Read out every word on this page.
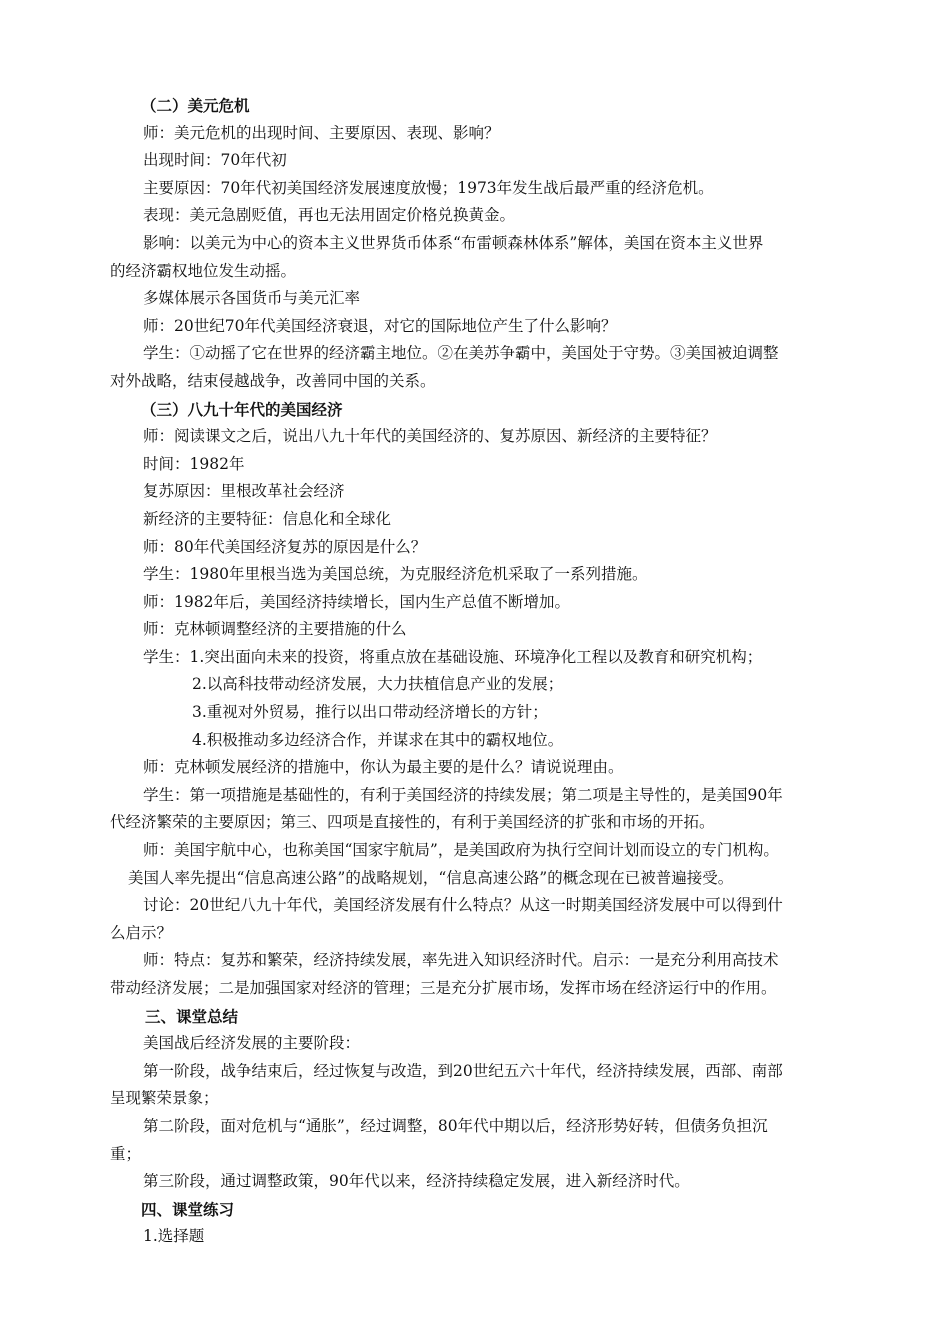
（二）美元危机

师：美元危机的出现时间、主要原因、表现、影响？

出现时间：70年代初

主要原因：70年代初美国经济发展速度放慢；1973年发生战后最严重的经济危机。

表现：美元急剧贬值，再也无法用固定价格兑换黄金。

影响：以美元为中心的资本主义世界货币体系“布雷顿森林体系”解体，美国在资本主义世界

的经济霸权地位发生动摇。

多媒体展示各国货币与美元汇率

师：20世纪70年代美国经济衰退，对它的国际地位产生了什么影响？

学生：①动摇了它在世界的经济霸主地位。②在美苏争霸中，美国处于守势。③美国被迫调整

对外战略，结束侵越战争，改善同中国的关系。

（三）八九十年代的美国经济

师：阅读课文之后，说出八九十年代的美国经济的、复苏原因、新经济的主要特征？

时间：1982年

复苏原因：里根改革社会经济

新经济的主要特征：信息化和全球化

师：80年代美国经济复苏的原因是什么？

学生：1980年里根当选为美国总统，为克服经济危机采取了一系列措施。

师：1982年后，美国经济持续增长，国内生产总值不断增加。

师：克林顿调整经济的主要措施的什么

学生：1.突出面向未来的投资，将重点放在基础设施、环境净化工程以及教育和研究机构；

2.以高科技带动经济发展，大力扶植信息产业的发展；

3.重视对外贸易，推行以出口带动经济增长的方针；

4.积极推动多边经济合作，并谋求在其中的霸权地位。

师：克林顿发展经济的措施中，你认为最主要的是什么？请说说理由。

学生：第一项措施是基础性的，有利于美国经济的持续发展；第二项是主导性的，是美国90年

代经济繁荣的主要原因；第三、四项是直接性的，有利于美国经济的扩张和市场的开拓。

师：美国宇航中心，也称美国“国家宇航局”，是美国政府为执行空间计划而设立的专门机构。

美国人率先提出“信息高速公路”的战略规划，“信息高速公路”的概念现在已被普遍接受。

讨论：20世纪八九十年代，美国经济发展有什么特点？从这一时期美国经济发展中可以得到什

么启示？

师：特点：复苏和繁荣，经济持续发展，率先进入知识经济时代。启示：一是充分利用高技术

带动经济发展；二是加强国家对经济的管理；三是充分扩展市场，发挥市场在经济运行中的作用。

三、课堂总结

美国战后经济发展的主要阶段：

第一阶段，战争结束后，经过恢复与改造，到20世纪五六十年代，经济持续发展，西部、南部

呈现繁荣景象；

第二阶段，面对危机与“通胀”，经过调整，80年代中期以后，经济形势好转，但债务负担沉

重；

第三阶段，通过调整政策，90年代以来，经济持续稳定发展，进入新经济时代。

四、课堂练习

1.选择题
